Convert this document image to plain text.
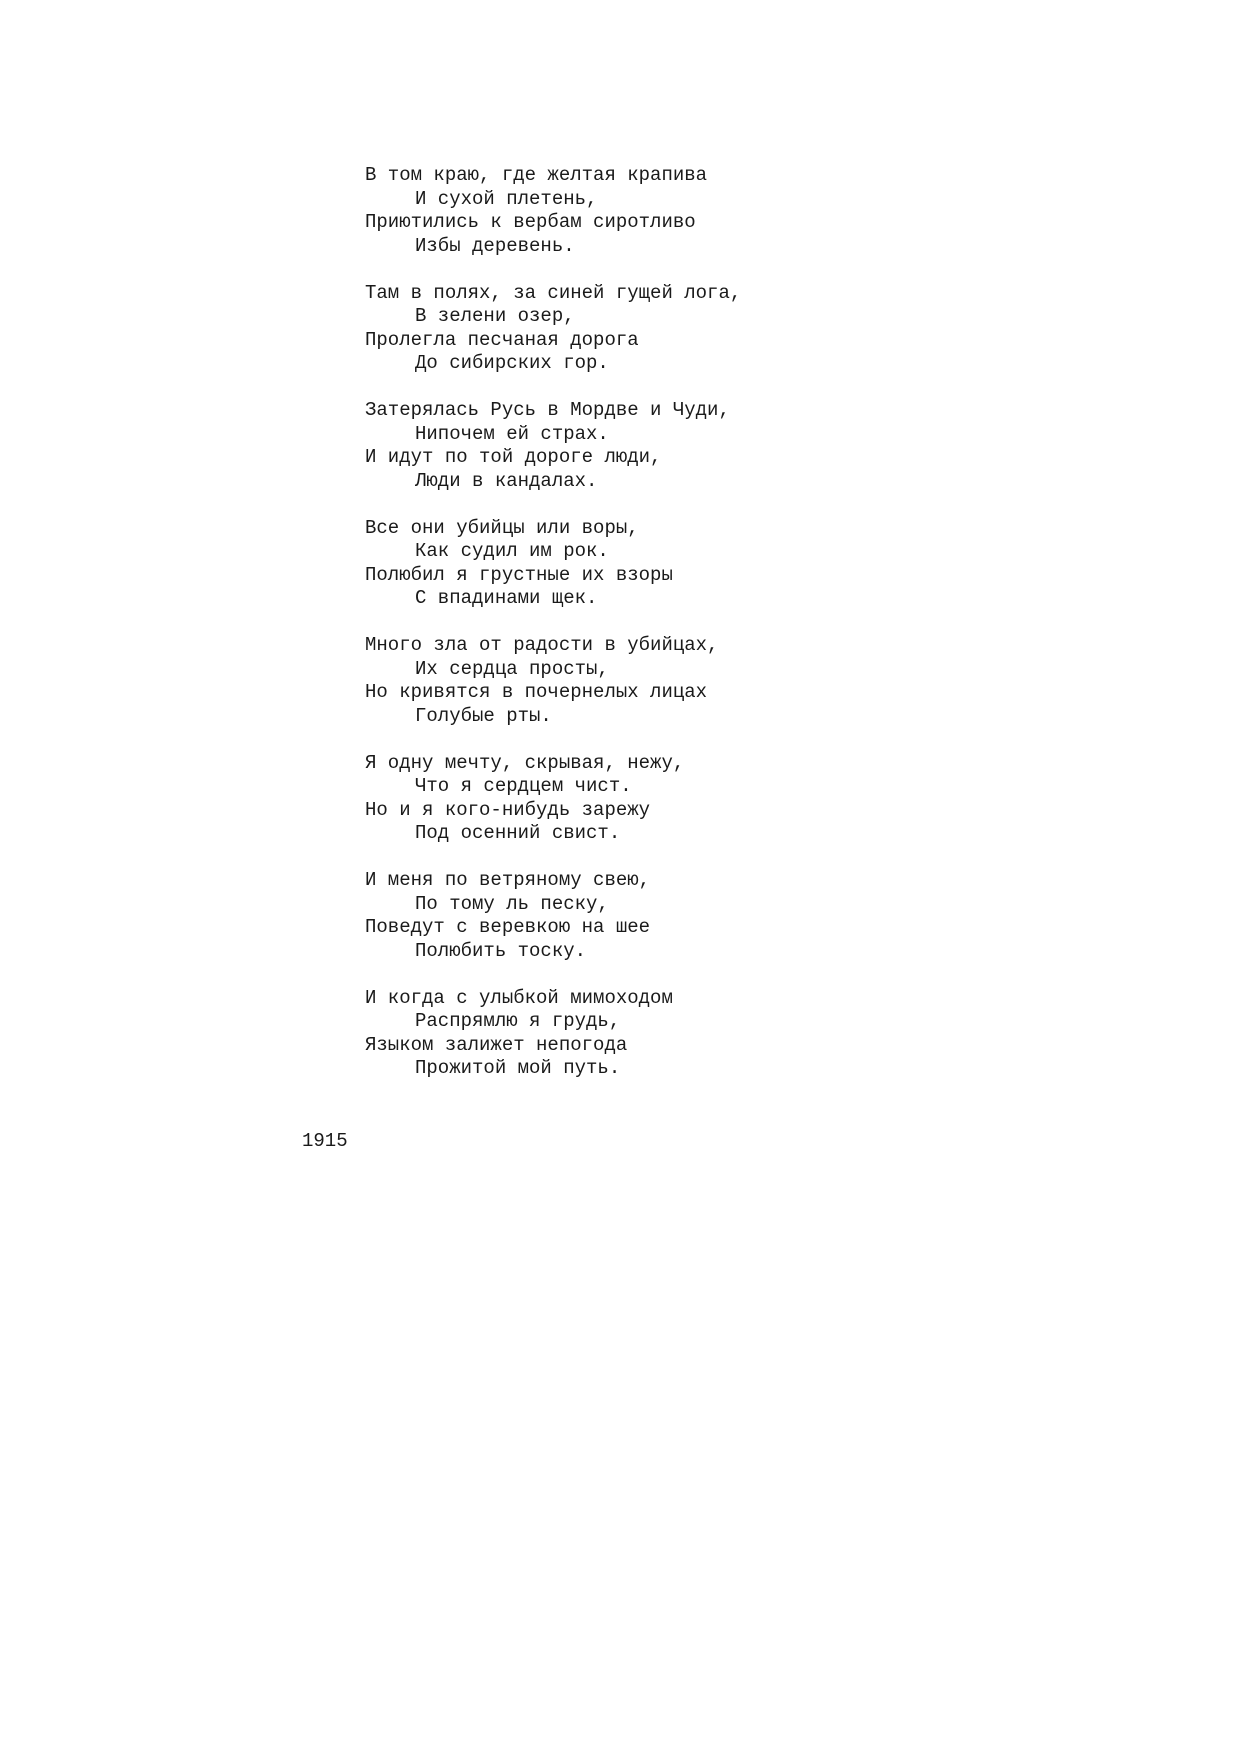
В том краю, где желтая крапива
И сухой плетень,
Приютились к вербам сиротливо
Избы деревень.
Там в полях, за синей гущей лога,
В зелени озер,
Пролегла песчаная дорога
До сибирских гор.
Затерялась Русь в Мордве и Чуди,
Нипочем ей страх.
И идут по той дороге люди,
Люди в кандалах.
Все они убийцы или воры,
Как судил им рок.
Полюбил я грустные их взоры
С впадинами щек.
Много зла от радости в убийцах,
Их сердца просты,
Но кривятся в почернелых лицах
Голубые рты.
Я одну мечту, скрывая, нежу,
Что я сердцем чист.
Но и я кого-нибудь зарежу
Под осенний свист.
И меня по ветряному свею,
По тому ль песку,
Поведут с веревкою на шее
Полюбить тоску.
И когда с улыбкой мимоходом
Распрямлю я грудь,
Языком залижет непогода
Прожитой мой путь.
1915
